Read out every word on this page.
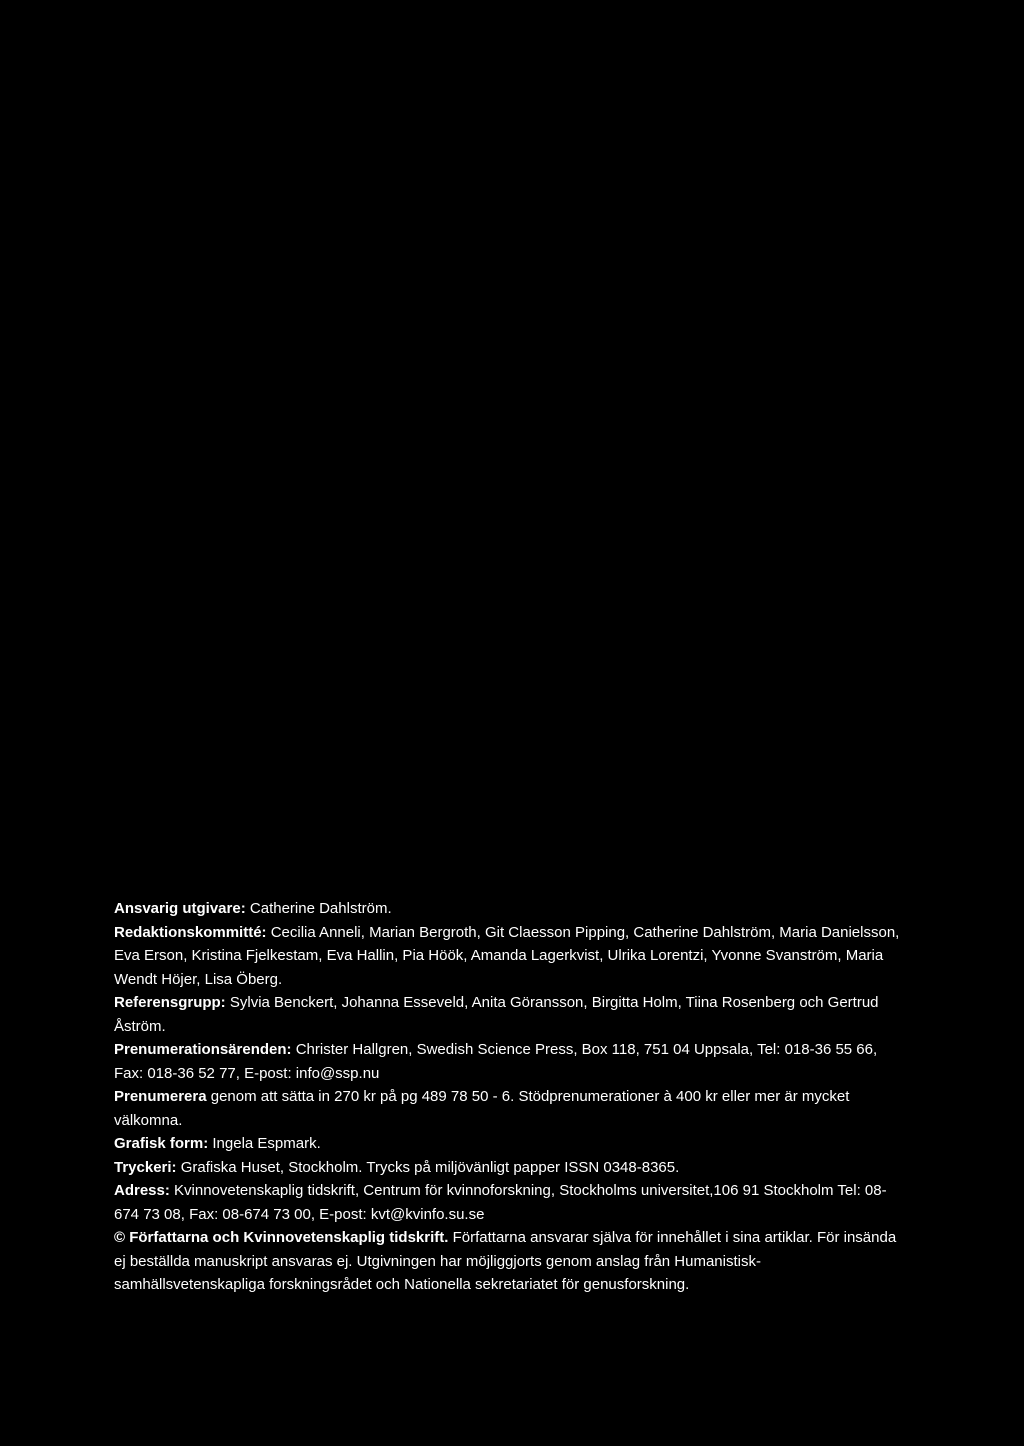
Ansvarig utgivare: Catherine Dahlström.

Redaktionskommitté: Cecilia Anneli, Marian Bergroth, Git Claesson Pipping, Catherine Dahlström, Maria Danielsson, Eva Erson, Kristina Fjelkestam, Eva Hallin, Pia Höök, Amanda Lagerkvist, Ulrika Lorentzi, Yvonne Svanström, Maria Wendt Höjer, Lisa Öberg.

Referensgrupp: Sylvia Benckert, Johanna Esseveld, Anita Göransson, Birgitta Holm, Tiina Rosenberg och Gertrud Åström.

Prenumerationsärenden: Christer Hallgren, Swedish Science Press, Box 118, 751 04 Uppsala, Tel: 018-36 55 66, Fax: 018-36 52 77, E-post: info@ssp.nu

Prenumerera genom att sätta in 270 kr på pg 489 78 50 - 6. Stödprenumerationer à 400 kr eller mer är mycket välkomna.

Grafisk form: Ingela Espmark.

Tryckeri: Grafiska Huset, Stockholm. Trycks på miljövänligt papper ISSN 0348-8365.

Adress: Kvinnovetenskaplig tidskrift, Centrum för kvinnoforskning, Stockholms universitet,106 91 Stockholm Tel: 08-674 73 08, Fax: 08-674 73 00, E-post: kvt@kvinfo.su.se

© Författarna och Kvinnovetenskaplig tidskrift. Författarna ansvarar själva för innehållet i sina artiklar. För insända ej beställda manuskript ansvaras ej. Utgivningen har möjliggjorts genom anslag från Humanistisk-samhällsvetenskapliga forskningsrådet och Nationella sekretariatet för genusforskning.
